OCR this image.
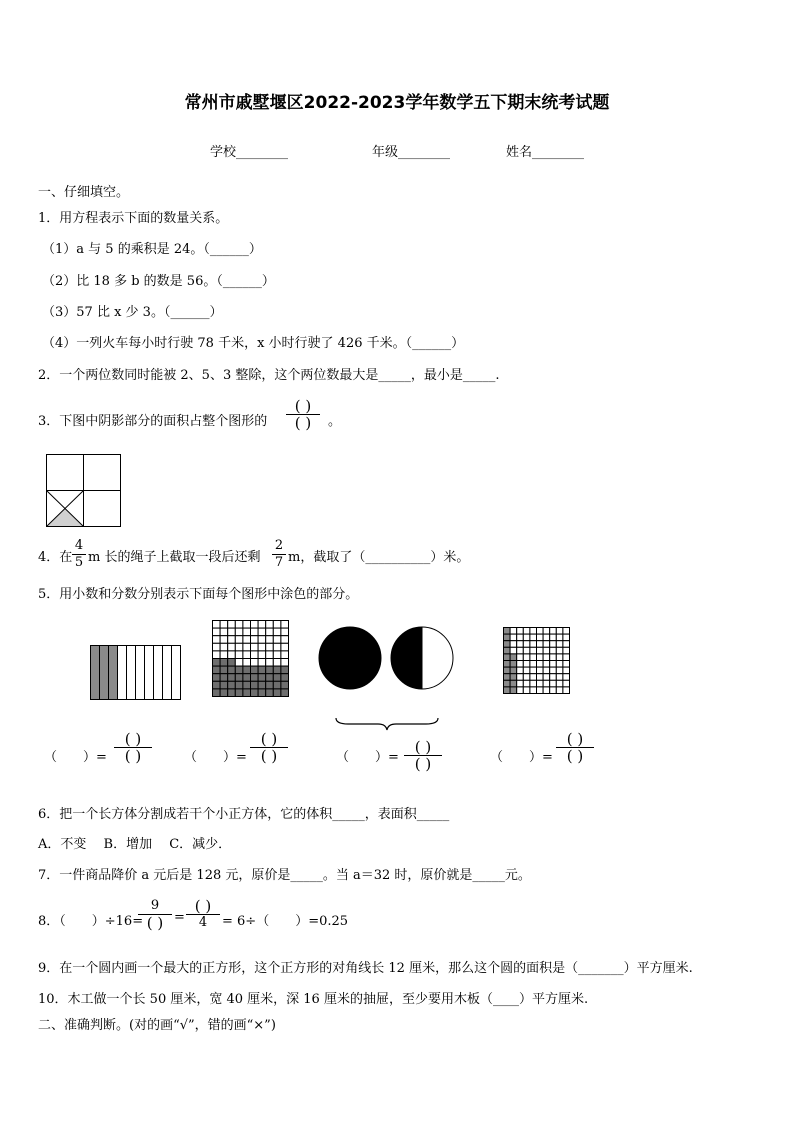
常州市戚墅堰区2022-2023学年数学五下期末统考试题
学校________	年级________	姓名________
一、仔细填空。
1．用方程表示下面的数量关系。
（1）a 与 5 的乘积是 24。（______）
（2）比 18 多 b 的数是 56。（______）
（3）57 比 x 少 3。（______）
（4）一列火车每小时行驶 78 千米，x 小时行驶了 426 千米。（______）
2．一个两位数同时能被 2、5、3 整除，这个两位数最大是_____，最小是_____.
3．下图中阴影部分的面积占整个图形的
( )
( )	。
4．在
4
5 m 长的绳子上截取一段后还剩
2
7 m，截取了（__________）米。
5．用小数和分数分别表示下面每个图形中涂色的部分。
（　　）=
( )
( )	（　　）=
( )
( )	（　　）=
( )
( )	（　　）=
( )
( )
6．把一个长方体分割成若干个小正方体，它的体积_____，表面积_____
A．不变　 B．增加　 C．减少．
7．一件商品降价 a 元后是 128 元，原价是_____。当 a＝32 时，原价就是_____元。
8．（　　）÷16=
9
( ) =
( )
4	= 6÷（　　）=0.25
9．在一个圆内画一个最大的正方形，这个正方形的对角线长 12 厘米，那么这个圆的面积是（_______）平方厘米.
10．木工做一个长 50 厘米，宽 40 厘米，深 16 厘米的抽屉，至少要用木板（____）平方厘米.
二、准确判断。(对的画“√”，错的画“×”)
